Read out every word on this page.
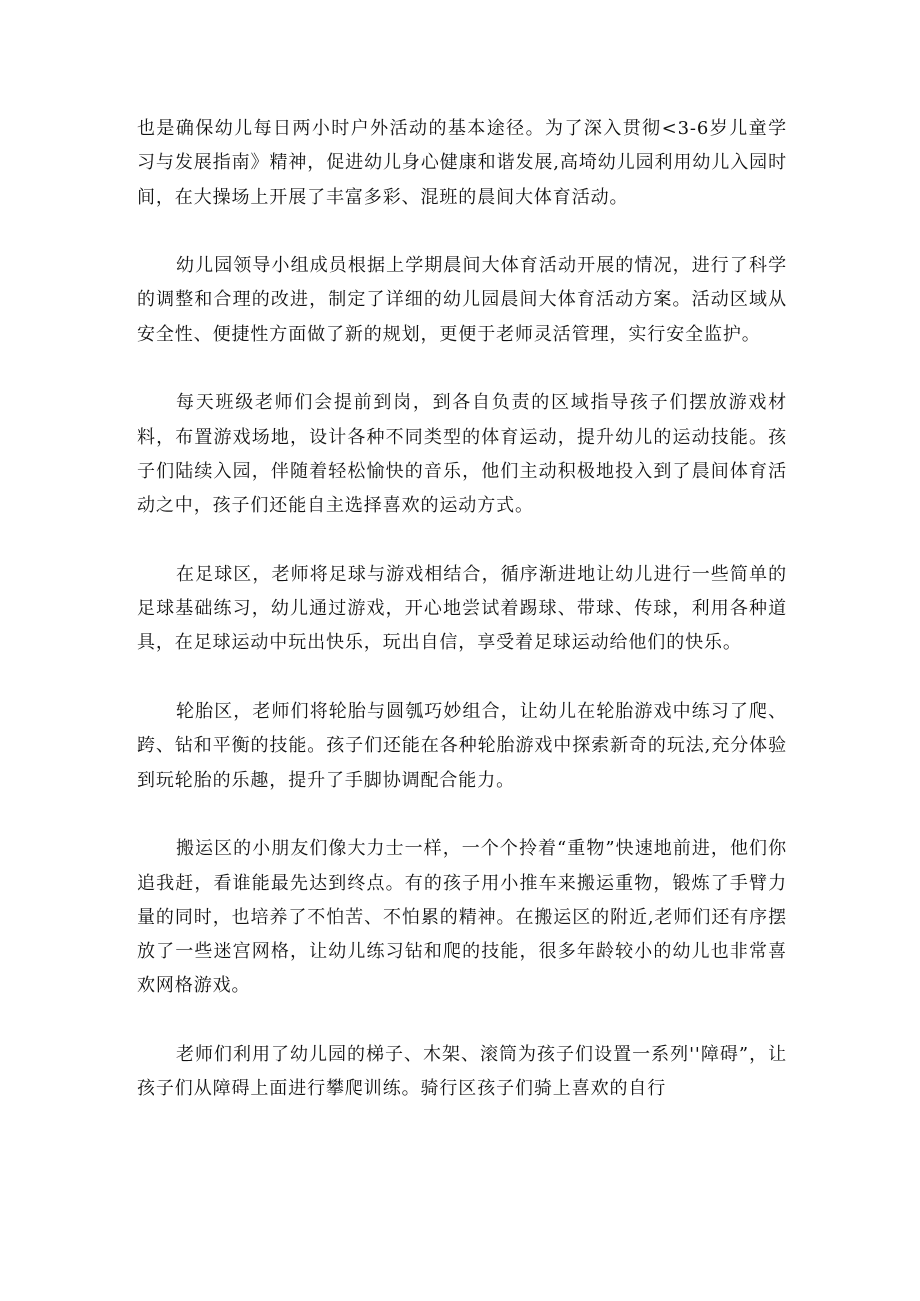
也是确保幼儿每日两小时户外活动的基本途径。为了深入贯彻<3-6岁儿童学习与发展指南》精神，促进幼儿身心健康和谐发展,高埼幼儿园利用幼儿入园时间，在大操场上开展了丰富多彩、混班的晨间大体育活动。

幼儿园领导小组成员根据上学期晨间大体育活动开展的情况，进行了科学的调整和合理的改进，制定了详细的幼儿园晨间大体育活动方案。活动区域从安全性、便捷性方面做了新的规划，更便于老师灵活管理，实行安全监护。

每天班级老师们会提前到岗，到各自负责的区域指导孩子们摆放游戏材料，布置游戏场地，设计各种不同类型的体育运动，提升幼儿的运动技能。孩子们陆续入园，伴随着轻松愉快的音乐，他们主动积极地投入到了晨间体育活动之中，孩子们还能自主选择喜欢的运动方式。

在足球区，老师将足球与游戏相结合，循序渐进地让幼儿进行一些简单的足球基础练习，幼儿通过游戏，开心地尝试着踢球、带球、传球，利用各种道具，在足球运动中玩出快乐，玩出自信，享受着足球运动给他们的快乐。

轮胎区，老师们将轮胎与圆瓠巧妙组合，让幼儿在轮胎游戏中练习了爬、跨、钻和平衡的技能。孩子们还能在各种轮胎游戏中探索新奇的玩法,充分体验到玩轮胎的乐趣，提升了手脚协调配合能力。

搬运区的小朋友们像大力士一样，一个个拎着“重物”快速地前进，他们你追我赶，看谁能最先达到终点。有的孩子用小推车来搬运重物，锻炼了手臂力量的同时，也培养了不怕苦、不怕累的精神。在搬运区的附近,老师们还有序摆放了一些迷宫网格，让幼儿练习钻和爬的技能，很多年龄较小的幼儿也非常喜欢网格游戏。

老师们利用了幼儿园的梯子、木架、滚筒为孩子们设置一系列''障碍”，让孩子们从障碍上面进行攀爬训练。骑行区孩子们骑上喜欢的自行
